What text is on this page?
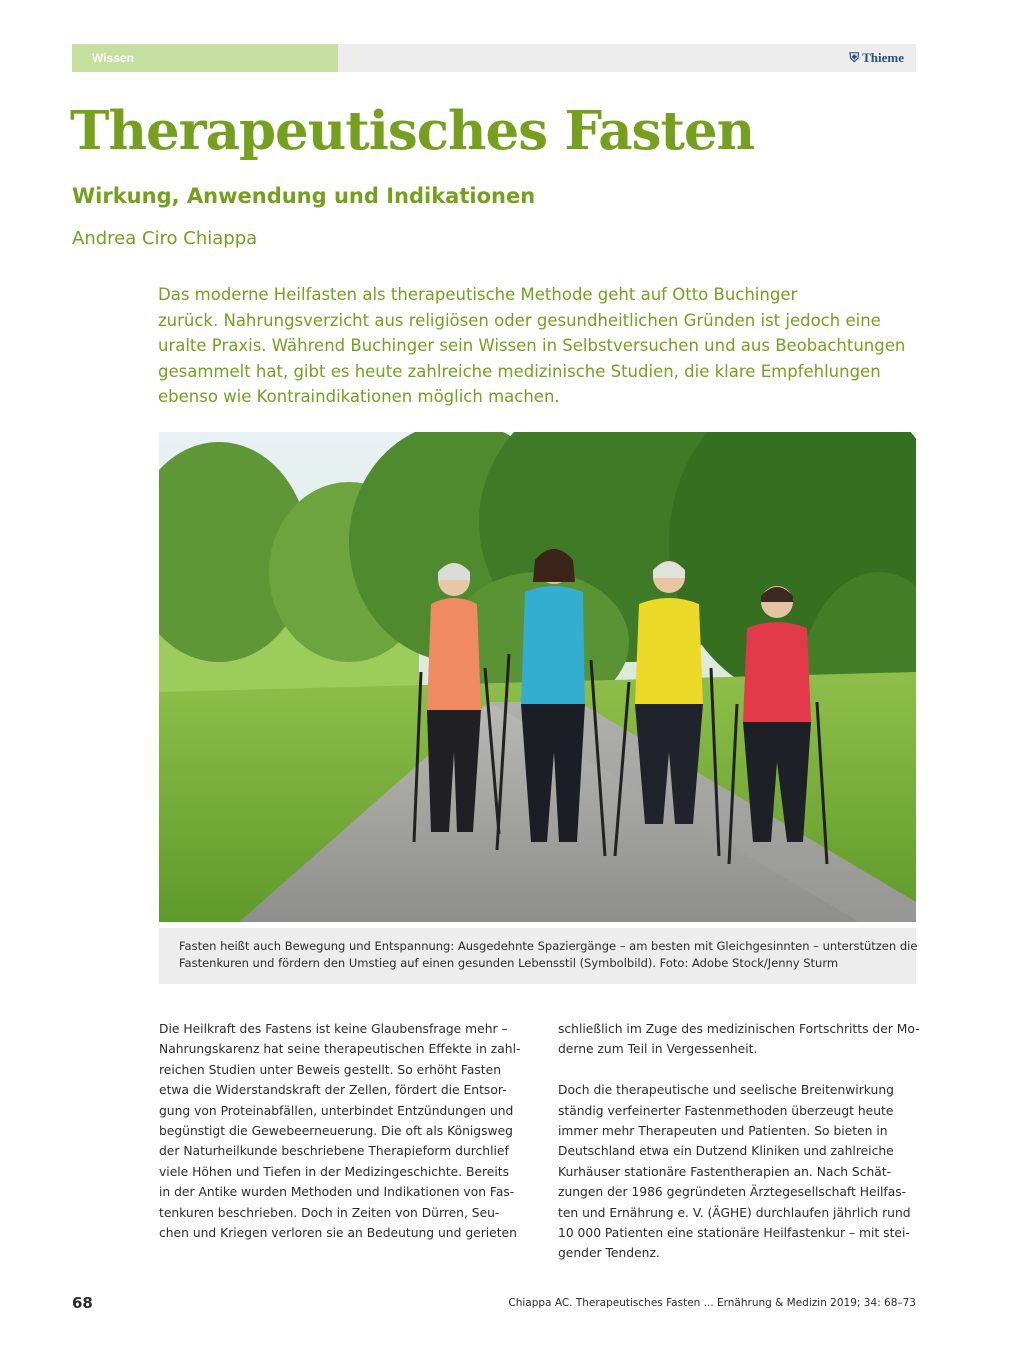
Wissen	⛨ Thieme
Therapeutisches Fasten
Wirkung, Anwendung und Indikationen

Andrea Ciro Chiappa

Das moderne Heilfasten als therapeutische Methode geht auf Otto Buchinger
zurück. Nahrungsverzicht aus religiösen oder gesundheitlichen Gründen ist jedoch eine
uralte Praxis. Während Buchinger sein Wissen in Selbstversuchen und aus Beobachtungen
gesammelt hat, gibt es heute zahlreiche medizinische Studien, die klare Empfehlungen
ebenso wie Kontraindikationen möglich machen.
Fasten heißt auch Bewegung und Entspannung: Ausgedehnte Spaziergänge – am besten mit Gleichgesinnten – unterstützen die
Fastenkuren und fördern den Umstieg auf einen gesunden Lebensstil (Symbolbild). Foto: Adobe Stock/Jenny Sturm
Die Heilkraft des Fastens ist keine Glaubensfrage mehr –
Nahrungskarenz hat seine therapeutischen Effekte in zahl-
reichen Studien unter Beweis gestellt. So erhöht Fasten
etwa die Widerstandskraft der Zellen, fördert die Entsor-
gung von Proteinabfällen, unterbindet Entzündungen und
begünstigt die Gewebeerneuerung. Die oft als Königsweg
der Naturheilkunde beschriebene Therapieform durchlief
viele Höhen und Tiefen in der Medizingeschichte. Bereits
in der Antike wurden Methoden und Indikationen von Fas-
tenkuren beschrieben. Doch in Zeiten von Dürren, Seu-
chen und Kriegen verloren sie an Bedeutung und gerieten
schließlich im Zuge des medizinischen Fortschritts der Mo-
derne zum Teil in Vergessenheit.
Doch die therapeutische und seelische Breitenwirkung
ständig verfeinerter Fastenmethoden überzeugt heute
immer mehr Therapeuten und Patienten. So bieten in
Deutschland etwa ein Dutzend Kliniken und zahlreiche
Kurhäuser stationäre Fastentherapien an. Nach Schät-
zungen der 1986 gegründeten Ärztegesellschaft Heilfas-
ten und Ernährung e. V. (ÄGHE) durchlaufen jährlich rund
10 000 Patienten eine stationäre Heilfastenkur – mit stei-
gender Tendenz.
68	Chiappa AC. Therapeutisches Fasten ... Ernährung & Medizin 2019; 34: 68–73
